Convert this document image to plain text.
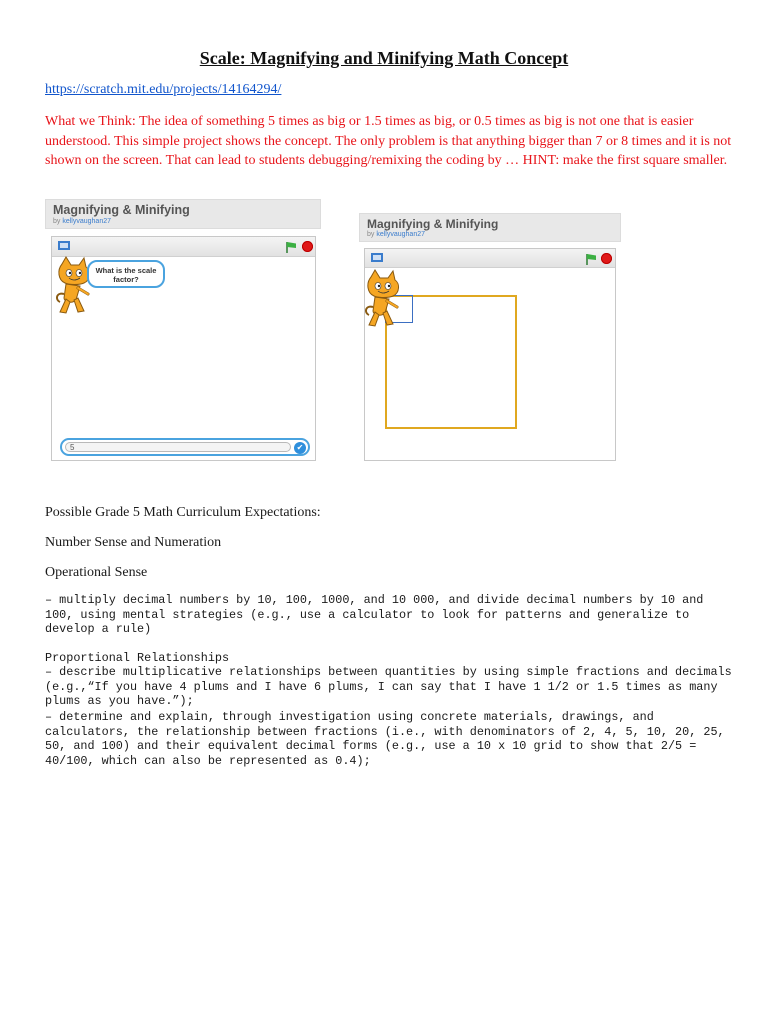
Scale: Magnifying and Minifying Math Concept
https://scratch.mit.edu/projects/14164294/
What we Think: The idea of something 5 times as big or 1.5 times as big, or 0.5 times as big is not one that is easier understood. This simple project shows the concept. The only problem is that anything bigger than 7 or 8 times and it is not shown on the screen. That can lead to students debugging/remixing the coding by … HINT: make the first square smaller.
Magnifying & Minifying
by kellyvaughan27
What is the scale factor?
5	✔
Magnifying & Minifying
by kellyvaughan27
Possible Grade 5 Math Curriculum Expectations:
Number Sense and Numeration
Operational Sense
– multiply decimal numbers by 10, 100, 1000, and 10 000, and divide decimal numbers by 10 and 100, using mental strategies (e.g., use a calculator to look for patterns and generalize to develop a rule)
Proportional Relationships
– describe multiplicative relationships between quantities by using simple fractions and decimals (e.g.,“If you have 4 plums and I have 6 plums, I can say that I have 1 1/2 or 1.5 times as many plums as you have.”);
– determine and explain, through investigation using concrete materials, drawings, and calculators, the relationship between fractions (i.e., with denominators of 2, 4, 5, 10, 20, 25, 50, and 100) and their equivalent decimal forms (e.g., use a 10 x 10 grid to show that 2/5 = 40/100, which can also be represented as 0.4);
